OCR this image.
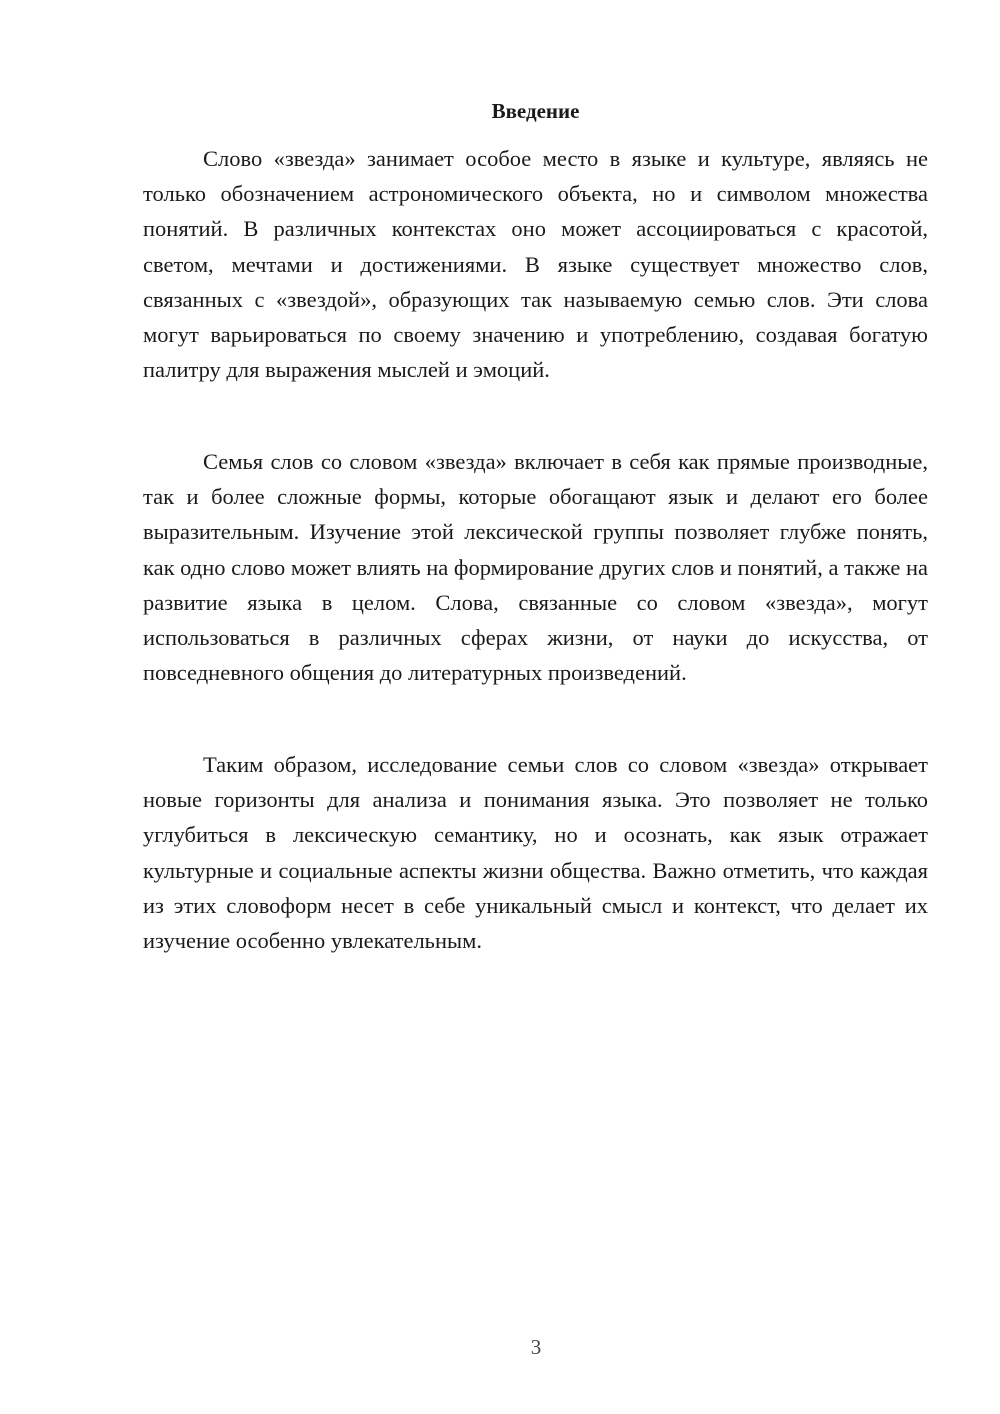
Введение

Слово «звезда» занимает особое место в языке и культуре, являясь не только обозначением астрономического объекта, но и символом множества понятий. В различных контекстах оно может ассоциироваться с красотой, светом, мечтами и достижениями. В языке существует множество слов, связанных с «звездой», образующих так называемую семью слов. Эти слова могут варьироваться по своему значению и употреблению, создавая богатую палитру для выражения мыслей и эмоций.

Семья слов со словом «звезда» включает в себя как прямые производные, так и более сложные формы, которые обогащают язык и делают его более выразительным. Изучение этой лексической группы позволяет глубже понять, как одно слово может влиять на формирование других слов и понятий, а также на развитие языка в целом. Слова, связанные со словом «звезда», могут использоваться в различных сферах жизни, от науки до искусства, от повседневного общения до литературных произведений.

Таким образом, исследование семьи слов со словом «звезда» открывает новые горизонты для анализа и понимания языка. Это позволяет не только углубиться в лексическую семантику, но и осознать, как язык отражает культурные и социальные аспекты жизни общества. Важно отметить, что каждая из этих словоформ несет в себе уникальный смысл и контекст, что делает их изучение особенно увлекательным.

3
